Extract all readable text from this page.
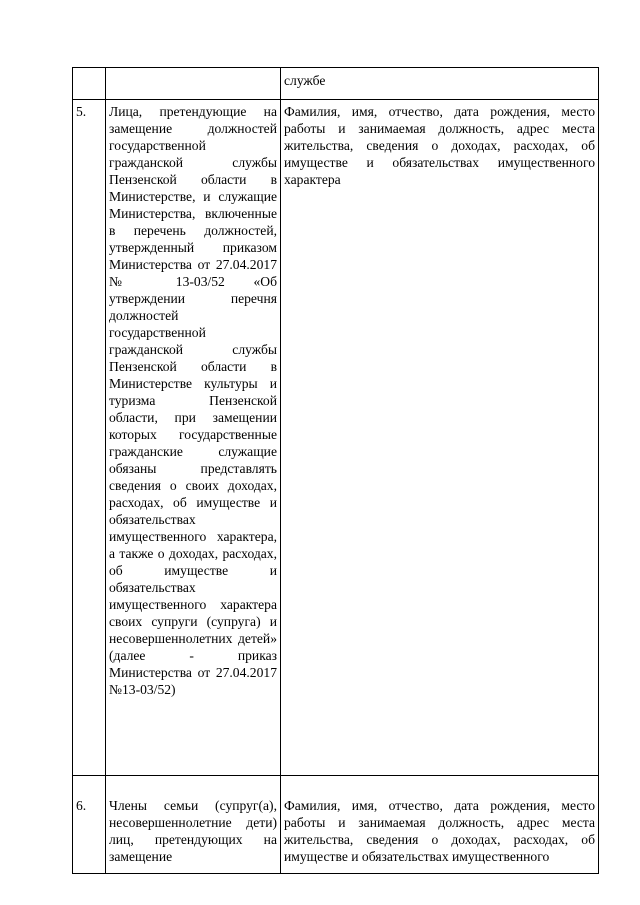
		службе
5.	Лица, претендующие на замещение должностей государственной гражданской службы Пензенской области в Министерстве, и служащие Министерства, включенные в перечень должностей, утвержденный приказом Министерства от 27.04.2017 № 13-03/52 «Об утверждении перечня должностей государственной гражданской службы Пензенской области в Министерстве культуры и туризма Пензенской области, при замещении которых государственные гражданские служащие обязаны представлять сведения о своих доходах, расходах, об имуществе и обязательствах имущественного характера, а также о доходах, расходах, об имуществе и обязательствах имущественного характера своих супруги (супруга) и несовершеннолетних детей» (далее - приказ Министерства от 27.04.2017 №13-03/52)	Фамилия, имя, отчество, дата рождения, место работы и занимаемая должность, адрес места жительства, сведения о доходах, расходах, об имуществе и обязательствах имущественного характера
6.	Члены семьи (супруг(а), несовершеннолетние дети) лиц, претендующих на замещение	Фамилия, имя, отчество, дата рождения, место работы и занимаемая должность, адрес места жительства, сведения о доходах, расходах, об имуществе и обязательствах имущественного
